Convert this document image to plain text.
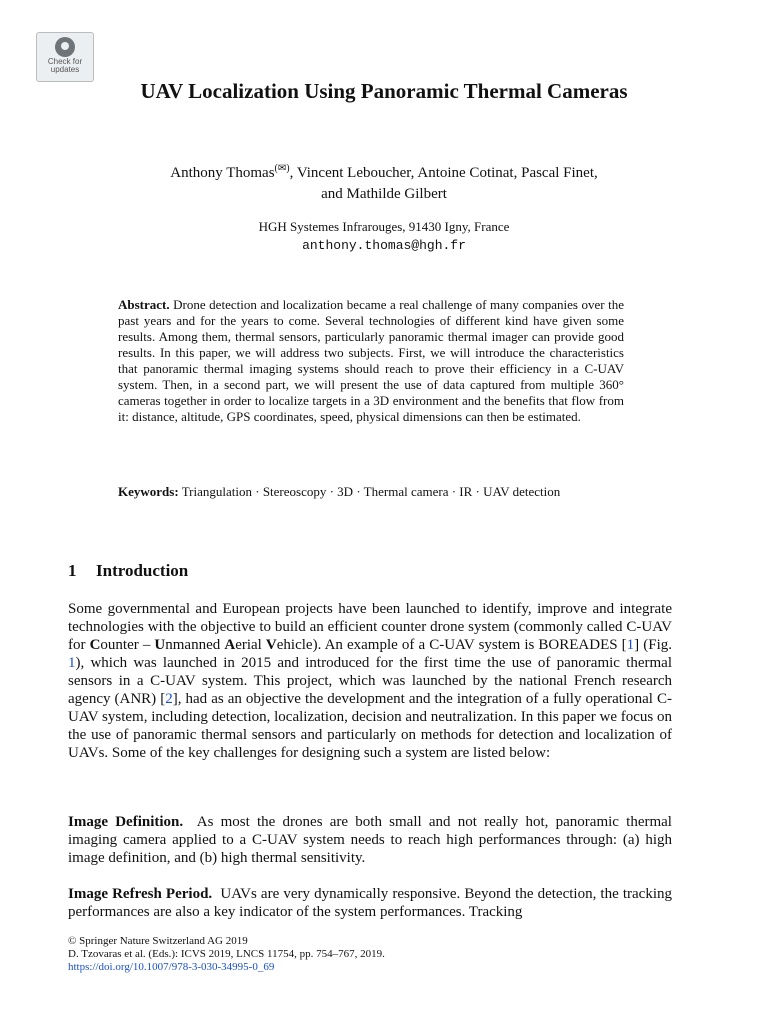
Check for
updates
UAV Localization Using Panoramic Thermal Cameras

Anthony Thomas(✉), Vincent Leboucher, Antoine Cotinat, Pascal Finet,
and Mathilde Gilbert

HGH Systemes Infrarouges, 91430 Igny, France

anthony.thomas@hgh.fr

Abstract. Drone detection and localization became a real challenge of many companies over the past years and for the years to come. Several technologies of different kind have given some results. Among them, thermal sensors, particularly panoramic thermal imager can provide good results. In this paper, we will address two subjects. First, we will introduce the characteristics that panoramic thermal imaging systems should reach to prove their efficiency in a C-UAV system. Then, in a second part, we will present the use of data captured from multiple 360° cameras together in order to localize targets in a 3D environment and the benefits that flow from it: distance, altitude, GPS coordinates, speed, physical dimensions can then be estimated.

Keywords: Triangulation · Stereoscopy · 3D · Thermal camera · IR · UAV detection

1 Introduction

Some governmental and European projects have been launched to identify, improve and integrate technologies with the objective to build an efficient counter drone system (commonly called C-UAV for Counter – Unmanned Aerial Vehicle). An example of a C-UAV system is BOREADES [1] (Fig. 1), which was launched in 2015 and introduced for the first time the use of panoramic thermal sensors in a C-UAV system. This project, which was launched by the national French research agency (ANR) [2], had as an objective the development and the integration of a fully operational C-UAV system, including detection, localization, decision and neutralization. In this paper we focus on the use of panoramic thermal sensors and particularly on methods for detection and localization of UAVs. Some of the key challenges for designing such a system are listed below:

Image Definition. As most the drones are both small and not really hot, panoramic thermal imaging camera applied to a C-UAV system needs to reach high performances through: (a) high image definition, and (b) high thermal sensitivity.

Image Refresh Period. UAVs are very dynamically responsive. Beyond the detection, the tracking performances are also a key indicator of the system performances. Tracking

© Springer Nature Switzerland AG 2019
D. Tzovaras et al. (Eds.): ICVS 2019, LNCS 11754, pp. 754–767, 2019.
https://doi.org/10.1007/978-3-030-34995-0_69
